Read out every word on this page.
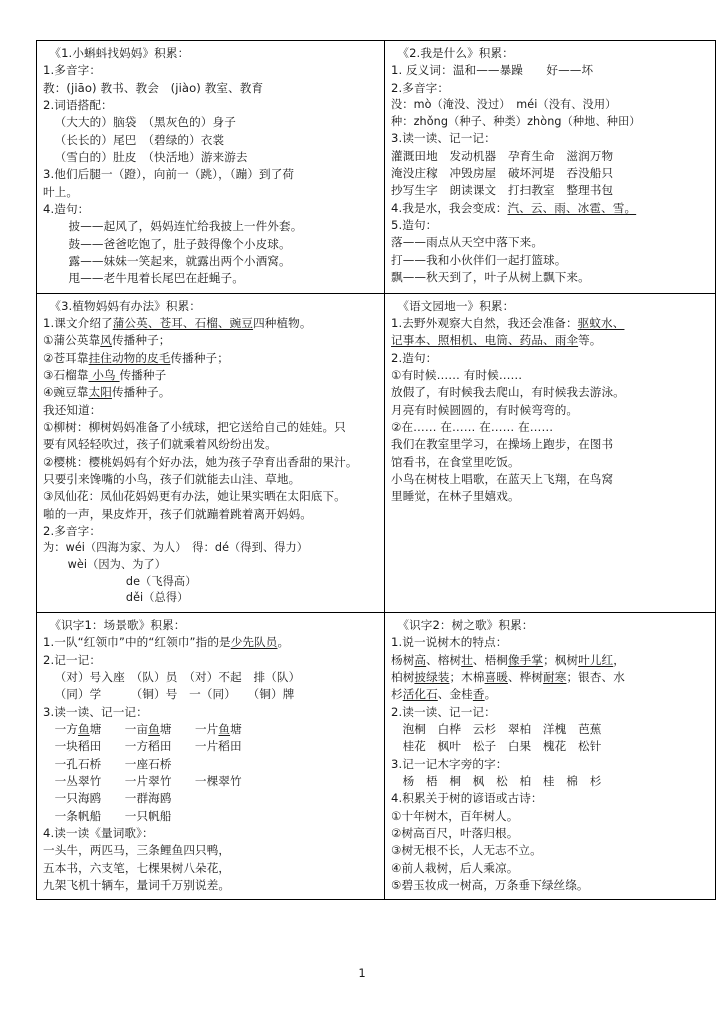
《1.小蝌蚪找妈妈》积累：
1.多音字：
教：(jiāo) 教书、教会　(jiào) 教室、教育
2.词语搭配：
（大大的）脑袋　（黑灰色的）身子
（长长的）尾巴　（碧绿的）衣裳
（雪白的）肚皮　（快活地）游来游去
3.他们后腿一（蹬），向前一（跳），（蹦）到了荷
叶上。
4.造句：
披——起风了，妈妈连忙给我披上一件外套。
鼓——爸爸吃饱了，肚子鼓得像个小皮球。
露——妹妹一笑起来，就露出两个小酒窝。
甩——老牛甩着长尾巴在赶蝇子。

《2.我是什么》积累：
1. 反义词：温和——暴躁　　好——坏
2.多音字：
没：mò（淹没、没过）　méi（没有、没用）
种：zhǒng（种子、种类）zhòng（种地、种田）
3.读一读、记一记：
灌溉田地　发动机器　孕育生命　滋润万物
淹没庄稼　冲毁房屋　破坏河堤　吞没船只
抄写生字　朗读课文　打扫教室　整理书包
4.我是水，我会变成：汽、云、雨、冰雹、雪。
5.造句：
落——雨点从天空中落下来。
打——我和小伙伴们一起打篮球。
飘——秋天到了，叶子从树上飘下来。

《3.植物妈妈有办法》积累：
1.课文介绍了蒲公英、苍耳、石榴、豌豆四种植物。
①蒲公英靠风传播种子；
②苍耳靠挂住动物的皮毛传播种子；
③石榴靠 小鸟 传播种子
④豌豆靠太阳传播种子。
我还知道：
①柳树：柳树妈妈准备了小绒球，把它送给自己的娃娃。只
要有风轻轻吹过，孩子们就乘着风纷纷出发。
②樱桃：樱桃妈妈有个好办法，她为孩子孕育出香甜的果汁。
只要引来馋嘴的小鸟，孩子们就能去山洼、草地。
③凤仙花：凤仙花妈妈更有办法，她让果实晒在太阳底下。
啪的一声，果皮炸开，孩子们就蹦着跳着离开妈妈。
2.多音字：
为：wéi（四海为家、为人）　得：dé（得到、得力）
wèi（因为、为了）
de（飞得高）
děi（总得）

《语文园地一》积累：
1.去野外观察大自然，我还会准备：驱蚊水、
记事本、照相机、电筒、药品、雨伞等。
2.造句：
①有时候…… 有时候……
放假了，有时候我去爬山，有时候我去游泳。
月亮有时候圆圆的，有时候弯弯的。
②在…… 在…… 在…… 在……
我们在教室里学习，在操场上跑步，在图书
馆看书，在食堂里吃饭。
小鸟在树枝上唱歌，在蓝天上飞翔，在鸟窝
里睡觉，在林子里嬉戏。

《识字1：场景歌》积累：
1.一队“红领巾”中的“红领巾”指的是少先队员。
2.记一记：
（对）号入座　（队）员　（对）不起　排（队）
（同）学　　　（铜）号　一（同）　　（铜）牌
3.读一读、记一记：
一方鱼塘　　一亩鱼塘　　一片鱼塘
一块稻田　　一方稻田　　一片稻田
一孔石桥　　一座石桥
一丛翠竹　　一片翠竹　　一棵翠竹
一只海鸥　　一群海鸥
一条帆船　　一只帆船
4.读一读《量词歌》：
一头牛，两匹马，三条鲤鱼四只鸭，
五本书，六支笔，七棵果树八朵花，
九架飞机十辆车，量词千万别说差。

《识字2：树之歌》积累：
1.说一说树木的特点：
杨树高、榕树壮、梧桐像手掌；枫树叶儿红，
柏树披绿装；木棉喜暖、桦树耐寒；银杏、水
杉活化石、金桂香。
2.读一读、记一记：
泡桐　白桦　云杉　翠柏　洋槐　芭蕉
桂花　枫叶　松子　白果　槐花　松针
3.记一记木字旁的字：
杨　梧　桐　枫　松　柏　桂　棉　杉
4.积累关于树的谚语或古诗：
①十年树木，百年树人。
②树高百尺，叶落归根。
③树无根不长，人无志不立。
④前人栽树，后人乘凉。
⑤碧玉妆成一树高，万条垂下绿丝绦。
1
